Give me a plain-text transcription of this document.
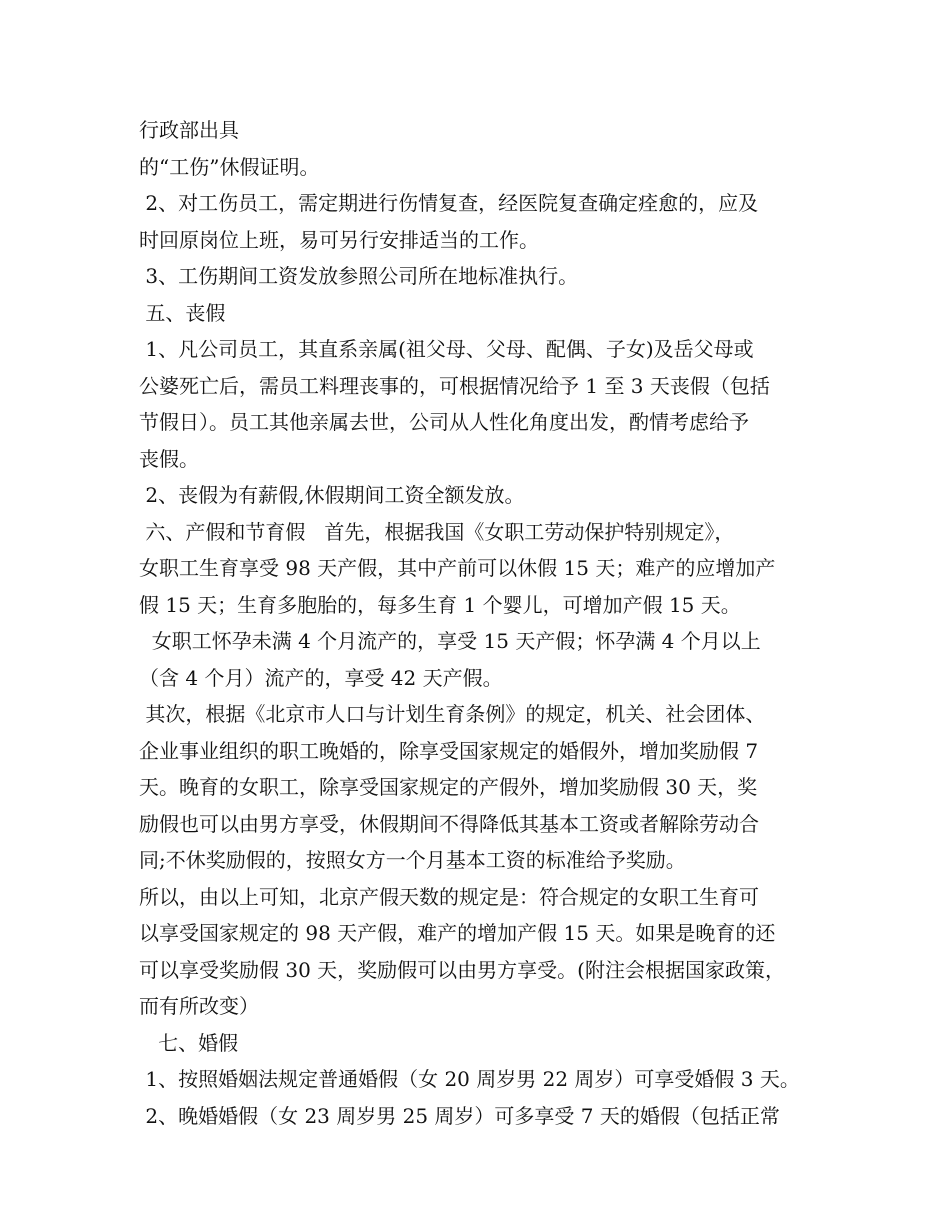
行政部出具
的“工伤”休假证明。
2、对工伤员工，需定期进行伤情复查，经医院复查确定痊愈的，应及
时回原岗位上班，易可另行安排适当的工作。
3、工伤期间工资发放参照公司所在地标准执行。
五、丧假
1、凡公司员工，其直系亲属(祖父母、父母、配偶、子女)及岳父母或
公婆死亡后，需员工料理丧事的，可根据情况给予 1 至 3 天丧假（包括
节假日）。员工其他亲属去世，公司从人性化角度出发，酌情考虑给予
丧假。
2、丧假为有薪假,休假期间工资全额发放。
六、产假和节育假   首先，根据我国《女职工劳动保护特别规定》，
女职工生育享受 98 天产假，其中产前可以休假 15 天；难产的应增加产
假 15 天；生育多胞胎的，每多生育 1 个婴儿，可增加产假 15 天。
女职工怀孕未满 4 个月流产的，享受 15 天产假；怀孕满 4 个月以上
（含 4 个月）流产的，享受 42 天产假。
其次，根据《北京市人口与计划生育条例》的规定，机关、社会团体、
企业事业组织的职工晚婚的，除享受国家规定的婚假外，增加奖励假 7
天。晚育的女职工，除享受国家规定的产假外，增加奖励假 30 天，奖
励假也可以由男方享受，休假期间不得降低其基本工资或者解除劳动合
同;不休奖励假的，按照女方一个月基本工资的标准给予奖励。
所以，由以上可知，北京产假天数的规定是：符合规定的女职工生育可
以享受国家规定的 98 天产假，难产的增加产假 15 天。如果是晚育的还
可以享受奖励假 30 天，奖励假可以由男方享受。(附注会根据国家政策，
而有所改变）
七、婚假
1、按照婚姻法规定普通婚假（女 20 周岁男 22 周岁）可享受婚假 3 天。
2、晚婚婚假（女 23 周岁男 25 周岁）可多享受 7 天的婚假（包括正常
